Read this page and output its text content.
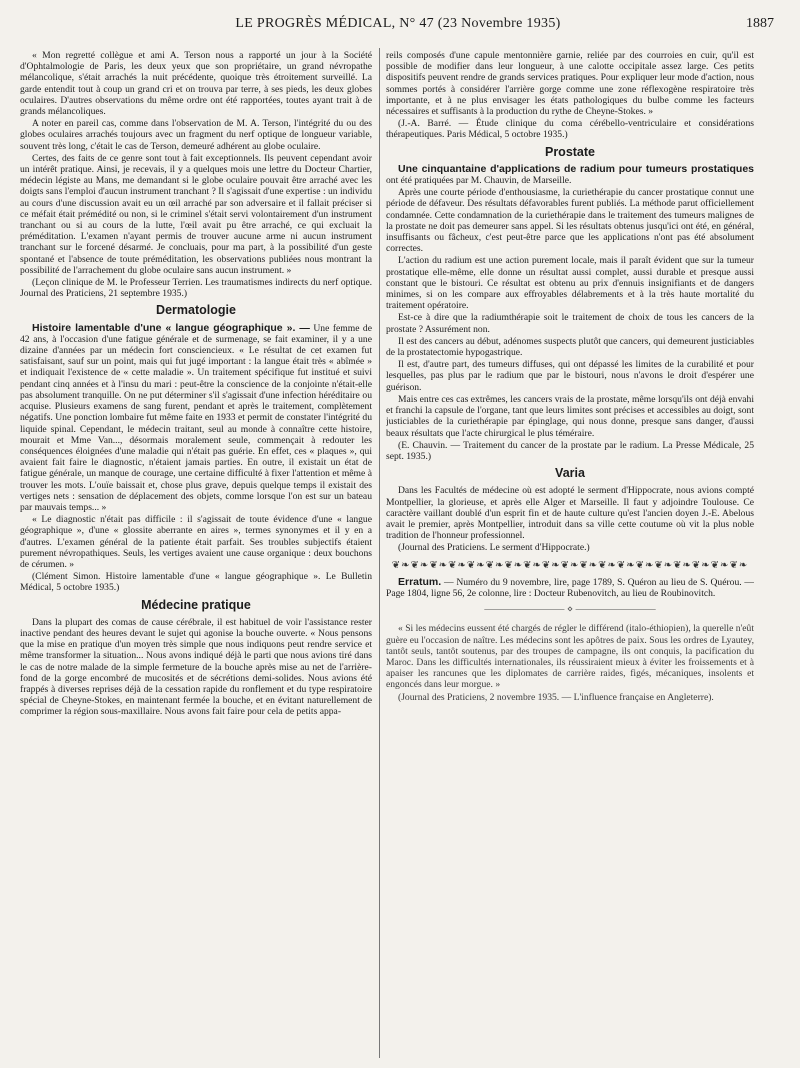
LE PROGRÈS MÉDICAL, N° 47 (23 Novembre 1935)	1887

« Mon regretté collègue et ami A. Terson nous a rapporté un jour à la Société d'Ophtalmologie de Paris, les deux yeux que son propriétaire, un grand névropathe mélancolique, s'était arrachés la nuit précédente, quoique très étroitement surveillé. La garde entendit tout à coup un grand cri et on trouva par terre, à ses pieds, les deux globes oculaires. D'autres observations du même ordre ont été rapportées, toutes ayant trait à de grands mélancoliques.

A noter en pareil cas, comme dans l'observation de M. A. Terson, l'intégrité du ou des globes oculaires arrachés toujours avec un fragment du nerf optique de longueur variable, souvent très long, c'était le cas de Terson, demeuré adhérent au globe oculaire.

Certes, des faits de ce genre sont tout à fait exceptionnels. Ils peuvent cependant avoir un intérêt pratique. Ainsi, je recevais, il y a quelques mois une lettre du Docteur Chartier, médecin légiste au Mans, me demandant si le globe oculaire pouvait être arraché avec les doigts sans l'emploi d'aucun instrument tranchant ? Il s'agissait d'une expertise : un individu au cours d'une discussion avait eu un œil arraché par son adversaire et il fallait préciser si ce méfait était prémédité ou non, si le criminel s'était servi volontairement d'un instrument tranchant ou si au cours de la lutte, l'œil avait pu être arraché, ce qui excluait la préméditation. L'examen n'ayant permis de trouver aucune arme ni aucun instrument tranchant sur le forcené désarmé. Je concluais, pour ma part, à la possibilité d'un geste spontané et l'absence de toute préméditation, les observations publiées nous montrant la possibilité de l'arrachement du globe oculaire sans aucun instrument. »

(Leçon clinique de M. le Professeur Terrien. Les traumatismes indirects du nerf optique. Journal des Praticiens, 21 septembre 1935.)

Dermatologie

Histoire lamentable d'une « langue géographique ». — Une femme de 42 ans, à l'occasion d'une fatigue générale et de surmenage, se fait examiner, il y a une dizaine d'années par un médecin fort consciencieux. « Le résultat de cet examen fut satisfaisant, sauf sur un point, mais qui fut jugé important : la langue était très « abîmée » et indiquait l'existence de « cette maladie ». Un traitement spécifique fut institué et suivi pendant cinq années et à l'insu du mari : peut-être la conscience de la conjointe n'était-elle pas absolument tranquille. On ne put déterminer s'il s'agissait d'une infection héréditaire ou acquise. Plusieurs examens de sang furent, pendant et après le traitement, complètement négatifs. Une ponction lombaire fut même faite en 1933 et permit de constater l'intégrité du liquide spinal. Cependant, le médecin traitant, seul au monde à connaître cette histoire, mourait et Mme Van..., désormais moralement seule, commençait à redouter les conséquences éloignées d'une maladie qui n'était pas guérie. En effet, ces « plaques », qui avaient fait faire le diagnostic, n'étaient jamais parties. En outre, il existait un état de fatigue générale, un manque de courage, une certaine difficulté à fixer l'attention et même à trouver les mots. L'ouïe baissait et, chose plus grave, depuis quelque temps il existait des vertiges nets : sensation de déplacement des objets, comme lorsque l'on est sur un bateau par mauvais temps... »

« Le diagnostic n'était pas difficile : il s'agissait de toute évidence d'une « langue géographique », d'une « glossite aberrante en aires », termes synonymes et il y en a d'autres. L'examen général de la patiente était parfait. Ses troubles subjectifs étaient purement névropathiques. Seuls, les vertiges avaient une cause organique : deux bouchons de cérumen. »

(Clément Simon. Histoire lamentable d'une « langue géographique ». Le Bulletin Médical, 5 octobre 1935.)

Médecine pratique

Dans la plupart des comas de cause cérébrale, il est habituel de voir l'assistance rester inactive pendant des heures devant le sujet qui agonise la bouche ouverte. « Nous pensons que la mise en pratique d'un moyen très simple que nous indiquons peut rendre service et même transformer la situation... Nous avons indiqué déjà le parti que nous avions tiré dans le cas de notre malade de la simple fermeture de la bouche après mise au net de l'arrière-fond de la gorge encombré de mucosités et de sécrétions demi-solides. Nous avions été frappés à diverses reprises déjà de la cessation rapide du ronflement et du type respiratoire spécial de Cheyne-Stokes, en maintenant fermée la bouche, et en évitant naturellement de comprimer la région sous-maxillaire. Nous avons fait faire pour cela de petits appa-

reils composés d'une capule mentonnière garnie, reliée par des courroies en cuir, qu'il est possible de modifier dans leur longueur, à une calotte occipitale assez large. Ces petits dispositifs peuvent rendre de grands services pratiques. Pour expliquer leur mode d'action, nous sommes portés à considérer l'arrière gorge comme une zone réflexogène respiratoire très importante, et à ne plus envisager les états pathologiques du bulbe comme les facteurs nécessaires et suffisants à la production du rythe de Cheyne-Stokes. »

(J.-A. Barré. — Étude clinique du coma cérébello-ventriculaire et considérations thérapeutiques. Paris Médical, 5 octobre 1935.)

Prostate

Une cinquantaine d'applications de radium pour tumeurs prostatiques ont été pratiquées par M. Chauvin, de Marseille.

Après une courte période d'enthousiasme, la curiethérapie du cancer prostatique connut une période de défaveur. Des résultats défavorables furent publiés. La méthode parut officiellement condamnée. Cette condamnation de la curiethérapie dans le traitement des tumeurs malignes de la prostate ne doit pas demeurer sans appel. Si les résultats obtenus jusqu'ici ont été, en général, insuffisants ou fâcheux, c'est peut-être parce que les applications n'ont pas été absolument correctes.

L'action du radium est une action purement locale, mais il paraît évident que sur la tumeur prostatique elle-même, elle donne un résultat aussi complet, aussi durable et presque aussi constant que le bistouri. Ce résultat est obtenu au prix d'ennuis insignifiants et de dangers minimes, si on les compare aux effroyables délabrements et à la très haute mortalité du traitement opératoire.

Est-ce à dire que la radiumthérapie soit le traitement de choix de tous les cancers de la prostate ? Assurément non.

Il est des cancers au début, adénomes suspects plutôt que cancers, qui demeurent justiciables de la prostatectomie hypogastrique.

Il est, d'autre part, des tumeurs diffuses, qui ont dépassé les limites de la curabilité et pour lesquelles, pas plus par le radium que par le bistouri, nous n'avons le droit d'espérer une guérison.

Mais entre ces cas extrêmes, les cancers vrais de la prostate, même lorsqu'ils ont déjà envahi et franchi la capsule de l'organe, tant que leurs limites sont précises et accessibles au doigt, sont justiciables de la curiethérapie par épinglage, qui nous donne, presque sans danger, d'aussi beaux résultats que l'acte chirurgical le plus téméraire.

(E. Chauvin. — Traitement du cancer de la prostate par le radium. La Presse Médicale, 25 sept. 1935.)

Varia

Dans les Facultés de médecine où est adopté le serment d'Hippocrate, nous avions compté Montpellier, la glorieuse, et après elle Alger et Marseille. Il faut y adjoindre Toulouse. Ce caractère vaillant doublé d'un esprit fin et de haute culture qu'est l'ancien doyen J.-E. Abelous avait le premier, après Montpellier, introduit dans sa ville cette coutume où vit la plus noble tradition de l'honneur professionnel.

(Journal des Praticiens. Le serment d'Hippocrate.)

❦❧❦❧❦❧❦❧❦❧❦❧❦❧❦❧❦❧❦❧❦❧❦❧❦❧❦❧❦❧❦❧❦❧❦❧❦❧

Erratum. — Numéro du 9 novembre, lire, page 1789, S. Quéron au lieu de S. Quérou. — Page 1804, ligne 56, 2e colonne, lire : Docteur Rubenovitch, au lieu de Roubinovitch.

———————— ⋄ ————————

« Si les médecins eussent été chargés de régler le différend (italo-éthiopien), la querelle n'eût guère eu l'occasion de naître. Les médecins sont les apôtres de paix. Sous les ordres de Lyautey, tantôt seuls, tantôt soutenus, par des troupes de campagne, ils ont conquis, la pacification du Maroc. Dans les difficultés internationales, ils réussiraient mieux à éviter les froissements et à apaiser les rancunes que les diplomates de carrière raides, figés, mécaniques, insolents et engoncés dans leur morgue. »

(Journal des Praticiens, 2 novembre 1935. — L'influence française en Angleterre).
